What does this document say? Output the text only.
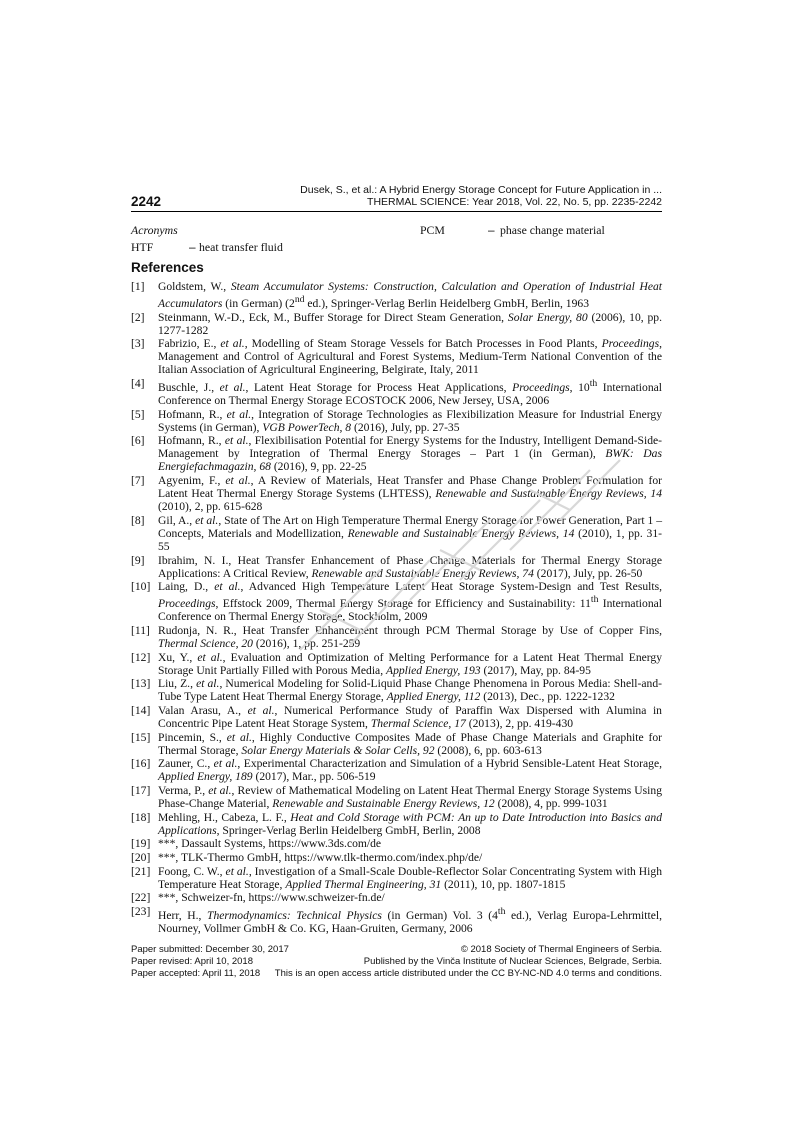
Dusek, S., et al.: A Hybrid Energy Storage Concept for Future Application in ...
THERMAL SCIENCE: Year 2018, Vol. 22, No. 5, pp. 2235-2242
2242
Acronyms
HTF	– heat transfer fluid
PCM	– phase change material
References
[1] Goldstem, W., Steam Accumulator Systems: Construction, Calculation and Operation of Industrial Heat Accumulators (in German) (2nd ed.), Springer-Verlag Berlin Heidelberg GmbH, Berlin, 1963
[2] Steinmann, W.-D., Eck, M., Buffer Storage for Direct Steam Generation, Solar Energy, 80 (2006), 10, pp. 1277-1282
[3] Fabrizio, E., et al., Modelling of Steam Storage Vessels for Batch Processes in Food Plants, Proceedings, Management and Control of Agricultural and Forest Systems, Medium-Term National Convention of the Italian Association of Agricultural Engineering, Belgirate, Italy, 2011
[4] Buschle, J., et al., Latent Heat Storage for Process Heat Applications, Proceedings, 10th International Conference on Thermal Energy Storage ECOSTOCK 2006, New Jersey, USA, 2006
[5] Hofmann, R., et al., Integration of Storage Technologies as Flexibilization Measure for Industrial Energy Systems (in German), VGB PowerTech, 8 (2016), July, pp. 27-35
[6] Hofmann, R., et al., Flexibilisation Potential for Energy Systems for the Industry, Intelligent Demand-Side-Management by Integration of Thermal Energy Storages – Part 1 (in German), BWK: Das Energiefachmagazin, 68 (2016), 9, pp. 22-25
[7] Agyenim, F., et al., A Review of Materials, Heat Transfer and Phase Change Problem Formulation for Latent Heat Thermal Energy Storage Systems (LHTESS), Renewable and Sustainable Energy Reviews, 14 (2010), 2, pp. 615-628
[8] Gil, A., et al., State of The Art on High Temperature Thermal Energy Storage for Power Generation, Part 1 – Concepts, Materials and Modellization, Renewable and Sustainable Energy Reviews, 14 (2010), 1, pp. 31-55
[9] Ibrahim, N. I., Heat Transfer Enhancement of Phase Change Materials for Thermal Energy Storage Applications: A Critical Review, Renewable and Sustainable Energy Reviews, 74 (2017), July, pp. 26-50
[10] Laing, D., et al., Advanced High Temperature Latent Heat Storage System-Design and Test Results, Proceedings, Effstock 2009, Thermal Energy Storage for Efficiency and Sustainability: 11th International Conference on Thermal Energy Storage, Stockholm, 2009
[11] Rudonja, N. R., Heat Transfer Enhancement through PCM Thermal Storage by Use of Copper Fins, Thermal Science, 20 (2016), 1, pp. 251-259
[12] Xu, Y., et al., Evaluation and Optimization of Melting Performance for a Latent Heat Thermal Energy Storage Unit Partially Filled with Porous Media, Applied Energy, 193 (2017), May, pp. 84-95
[13] Liu, Z., et al., Numerical Modeling for Solid-Liquid Phase Change Phenomena in Porous Media: Shell-and-Tube Type Latent Heat Thermal Energy Storage, Applied Energy, 112 (2013), Dec., pp. 1222-1232
[14] Valan Arasu, A., et al., Numerical Performance Study of Paraffin Wax Dispersed with Alumina in Concentric Pipe Latent Heat Storage System, Thermal Science, 17 (2013), 2, pp. 419-430
[15] Pincemin, S., et al., Highly Conductive Composites Made of Phase Change Materials and Graphite for Thermal Storage, Solar Energy Materials & Solar Cells, 92 (2008), 6, pp. 603-613
[16] Zauner, C., et al., Experimental Characterization and Simulation of a Hybrid Sensible-Latent Heat Storage, Applied Energy, 189 (2017), Mar., pp. 506-519
[17] Verma, P., et al., Review of Mathematical Modeling on Latent Heat Thermal Energy Storage Systems Using Phase-Change Material, Renewable and Sustainable Energy Reviews, 12 (2008), 4, pp. 999-1031
[18] Mehling, H., Cabeza, L. F., Heat and Cold Storage with PCM: An up to Date Introduction into Basics and Applications, Springer-Verlag Berlin Heidelberg GmbH, Berlin, 2008
[19] ***, Dassault Systems, https://www.3ds.com/de
[20] ***, TLK-Thermo GmbH, https://www.tlk-thermo.com/index.php/de/
[21] Foong, C. W., et al., Investigation of a Small-Scale Double-Reflector Solar Concentrating System with High Temperature Heat Storage, Applied Thermal Engineering, 31 (2011), 10, pp. 1807-1815
[22] ***, Schweizer-fn, https://www.schweizer-fn.de/
[23] Herr, H., Thermodynamics: Technical Physics (in German) Vol. 3 (4th ed.), Verlag Europa-Lehrmittel, Nourney, Vollmer GmbH & Co. KG, Haan-Gruiten, Germany, 2006
Paper submitted: December 30, 2017
Paper revised: April 10, 2018
Paper accepted: April 11, 2018
© 2018 Society of Thermal Engineers of Serbia.
Published by the Vinča Institute of Nuclear Sciences, Belgrade, Serbia.
This is an open access article distributed under the CC BY-NC-ND 4.0 terms and conditions.
